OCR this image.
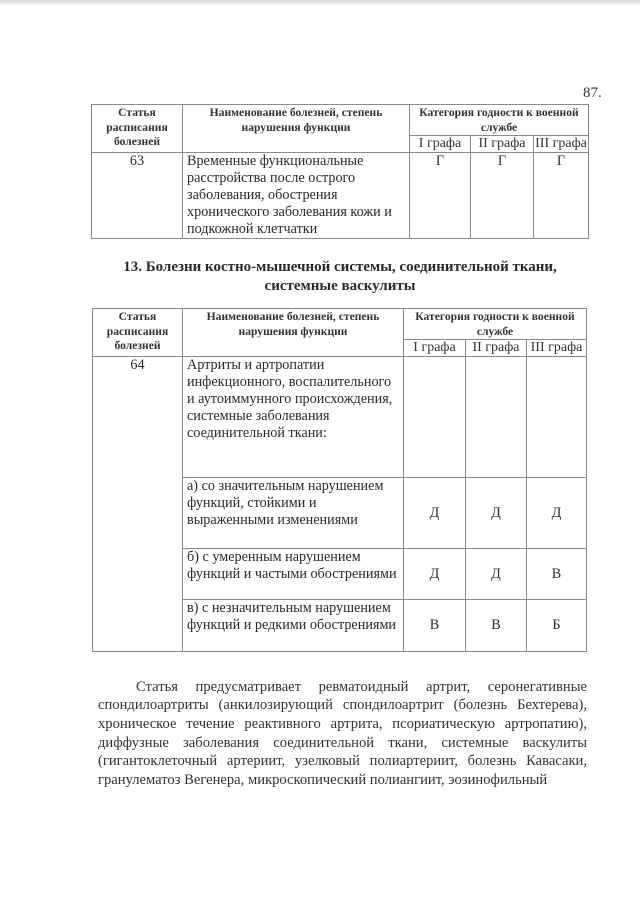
87.
Статья расписания болезней	Наименование болезней, степень нарушения функции	Категория годности к военной службе		
		I графа	II графа	III графа
63	Временные функциональные расстройства после острого заболевания, обострения хронического заболевания кожи и подкожной клетчатки	Г	Г	Г
13. Болезни костно-мышечной системы, соединительной ткани,
системные васкулиты
Статья расписания болезней	Наименование болезней, степень нарушения функции	Категория годности к военной службе		
		I графа	II графа	III графа
64	Артриты и артропатии инфекционного, воспалительного и аутоиммунного происхождения, системные заболевания соединительной ткани:			
	а) со значительным нарушением функций, стойкими и выраженными изменениями	Д	Д	Д
	б) с умеренным нарушением функций и частыми обострениями	Д	Д	В
	в) с незначительным нарушением функций и редкими обострениями	В	В	Б

Статья предусматривает ревматоидный артрит, серонегативные спондилоартриты (анкилозирующий спондилоартрит (болезнь Бехтерева), хроническое течение реактивного артрита, псориатическую артропатию), диффузные заболевания соединительной ткани, системные васкулиты (гигантоклеточный артериит, узелковый полиартериит, болезнь Кавасаки, гранулематоз Вегенера, микроскопический полиангиит, эозинофильный
